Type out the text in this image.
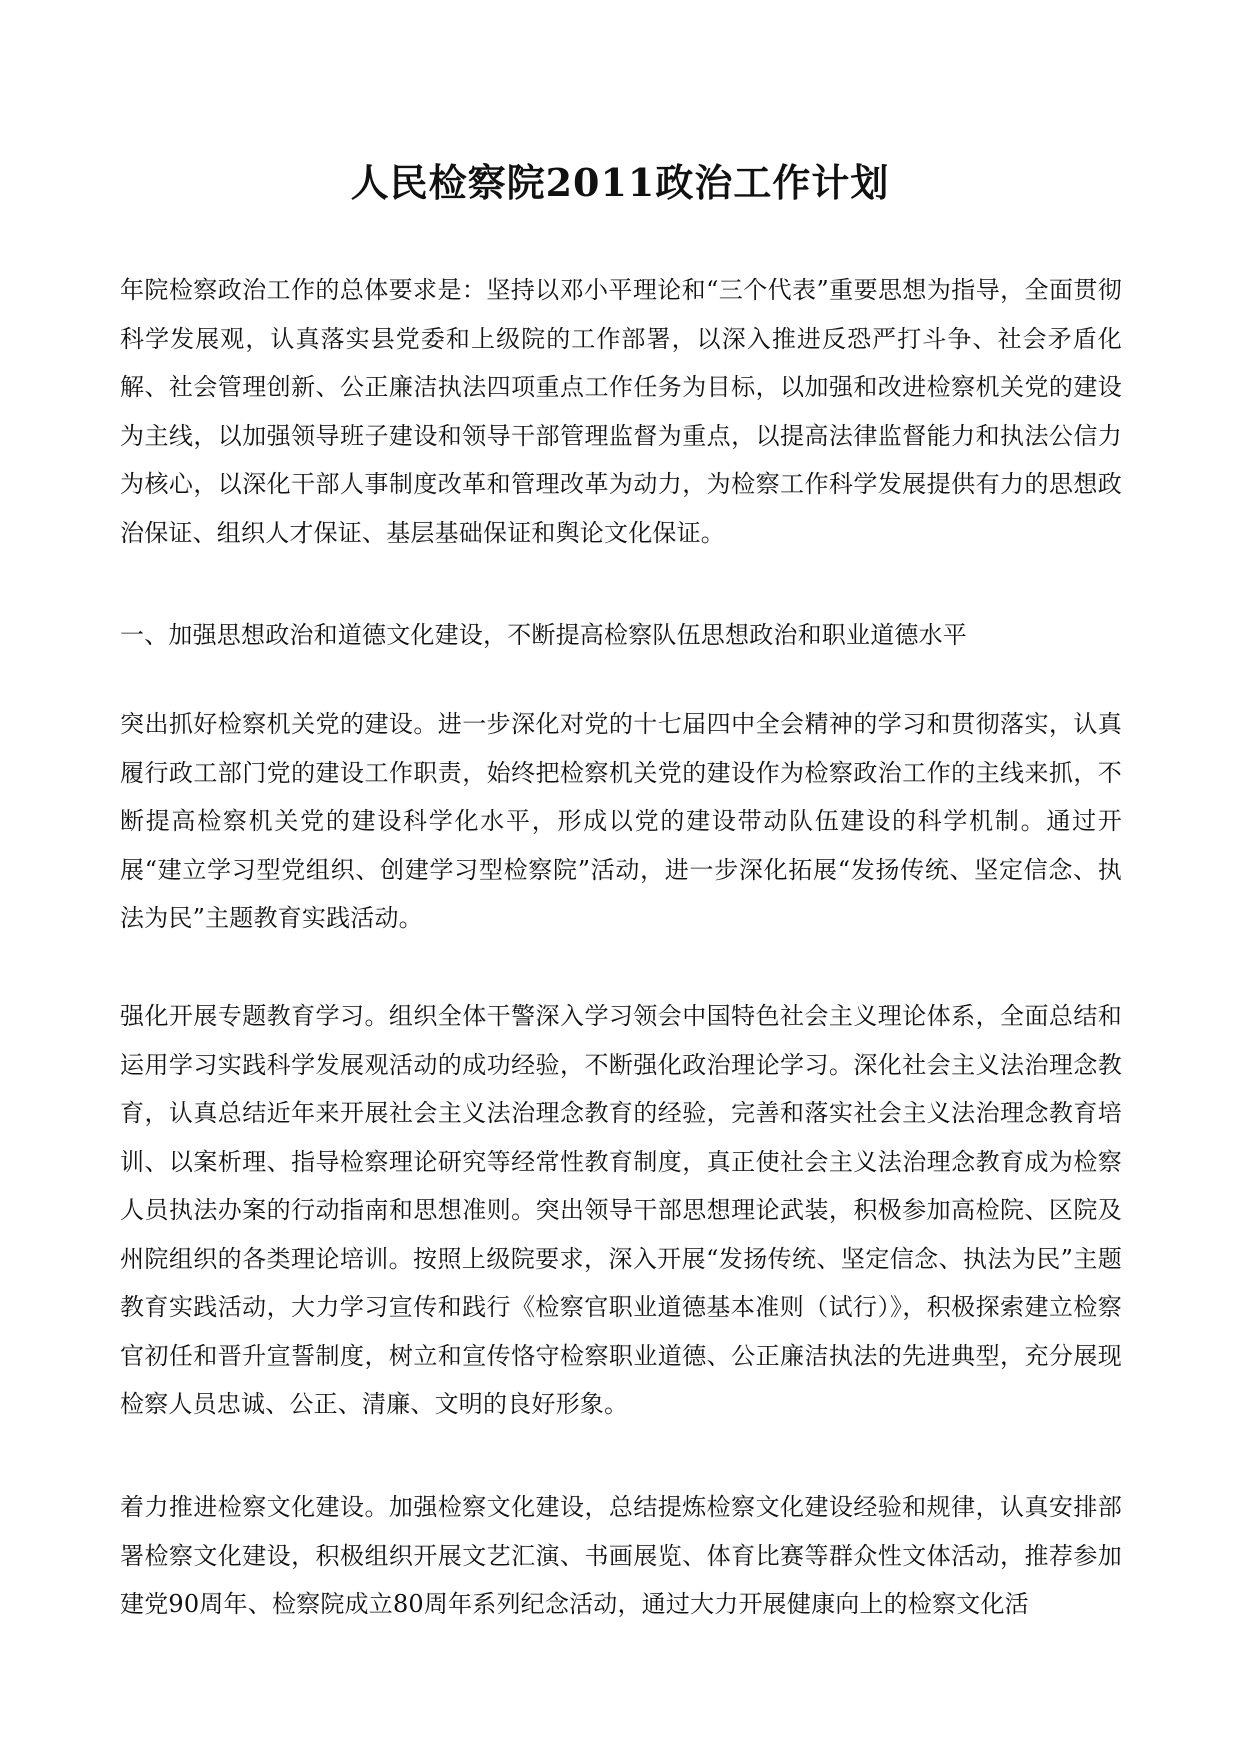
人民检察院2011政治工作计划

年院检察政治工作的总体要求是：坚持以邓小平理论和“三个代表”重要思想为指导，全面贯彻科学发展观，认真落实县党委和上级院的工作部署，以深入推进反恐严打斗争、社会矛盾化解、社会管理创新、公正廉洁执法四项重点工作任务为目标，以加强和改进检察机关党的建设为主线，以加强领导班子建设和领导干部管理监督为重点，以提高法律监督能力和执法公信力为核心，以深化干部人事制度改革和管理改革为动力，为检察工作科学发展提供有力的思想政治保证、组织人才保证、基层基础保证和舆论文化保证。

一、加强思想政治和道德文化建设，不断提高检察队伍思想政治和职业道德水平

突出抓好检察机关党的建设。进一步深化对党的十七届四中全会精神的学习和贯彻落实，认真履行政工部门党的建设工作职责，始终把检察机关党的建设作为检察政治工作的主线来抓，不断提高检察机关党的建设科学化水平，形成以党的建设带动队伍建设的科学机制。通过开展“建立学习型党组织、创建学习型检察院”活动，进一步深化拓展“发扬传统、坚定信念、执法为民”主题教育实践活动。

强化开展专题教育学习。组织全体干警深入学习领会中国特色社会主义理论体系，全面总结和运用学习实践科学发展观活动的成功经验，不断强化政治理论学习。深化社会主义法治理念教育，认真总结近年来开展社会主义法治理念教育的经验，完善和落实社会主义法治理念教育培训、以案析理、指导检察理论研究等经常性教育制度，真正使社会主义法治理念教育成为检察人员执法办案的行动指南和思想准则。突出领导干部思想理论武装，积极参加高检院、区院及州院组织的各类理论培训。按照上级院要求，深入开展“发扬传统、坚定信念、执法为民”主题教育实践活动，大力学习宣传和践行《检察官职业道德基本准则（试行）》，积极探索建立检察官初任和晋升宣誓制度，树立和宣传恪守检察职业道德、公正廉洁执法的先进典型，充分展现检察人员忠诚、公正、清廉、文明的良好形象。

着力推进检察文化建设。加强检察文化建设，总结提炼检察文化建设经验和规律，认真安排部署检察文化建设，积极组织开展文艺汇演、书画展览、体育比赛等群众性文体活动，推荐参加建党90周年、检察院成立80周年系列纪念活动，通过大力开展健康向上的检察文化活
